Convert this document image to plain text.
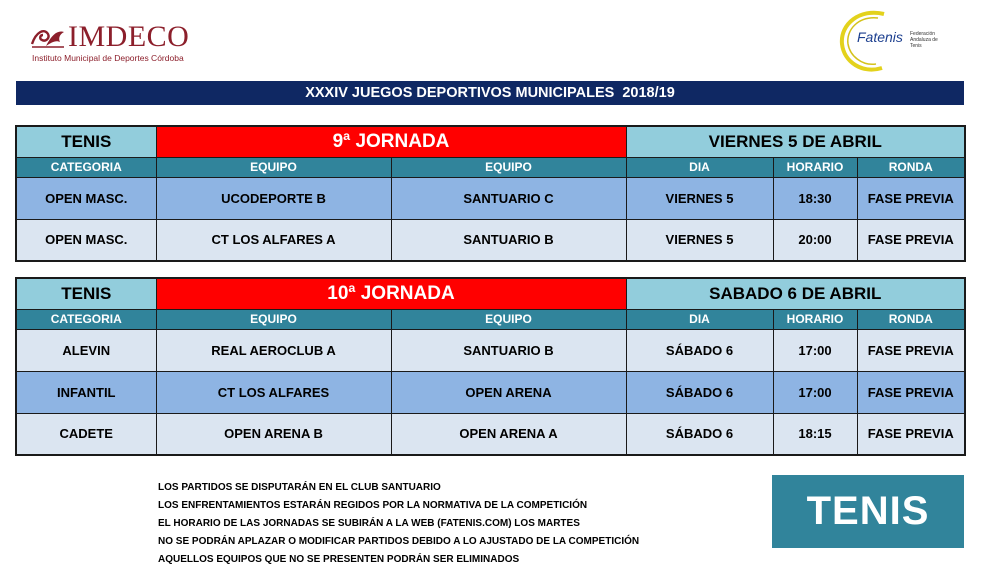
IMDECO
Instituto Municipal de Deportes Córdoba
Fatenis Federación Andaluza de Tenis
XXXIV JUEGOS DEPORTIVOS MUNICIPALES  2018/19
TENIS	9ª JORNADA		VIERNES 5 DE ABRIL		
CATEGORIA	EQUIPO	EQUIPO	DIA	HORARIO	RONDA
OPEN MASC.	UCODEPORTE B	SANTUARIO C	VIERNES 5	18:30	FASE PREVIA
OPEN MASC.	CT LOS ALFARES A	SANTUARIO B	VIERNES 5	20:00	FASE PREVIA
TENIS	10ª JORNADA		SABADO 6 DE ABRIL		
CATEGORIA	EQUIPO	EQUIPO	DIA	HORARIO	RONDA
ALEVIN	REAL AEROCLUB A	SANTUARIO B	SÁBADO 6	17:00	FASE PREVIA
INFANTIL	CT LOS ALFARES	OPEN ARENA	SÁBADO 6	17:00	FASE PREVIA
CADETE	OPEN ARENA B	OPEN ARENA A	SÁBADO 6	18:15	FASE PREVIA
LOS PARTIDOS SE DISPUTARÁN EN EL CLUB SANTUARIO
LOS ENFRENTAMIENTOS ESTARÁN REGIDOS POR LA NORMATIVA DE LA COMPETICIÓN
EL HORARIO DE LAS JORNADAS SE SUBIRÁN A LA WEB (FATENIS.COM) LOS MARTES
NO SE PODRÁN APLAZAR O MODIFICAR PARTIDOS DEBIDO A LO AJUSTADO DE LA COMPETICIÓN
AQUELLOS EQUIPOS QUE NO SE PRESENTEN PODRÁN SER ELIMINADOS
TENIS
